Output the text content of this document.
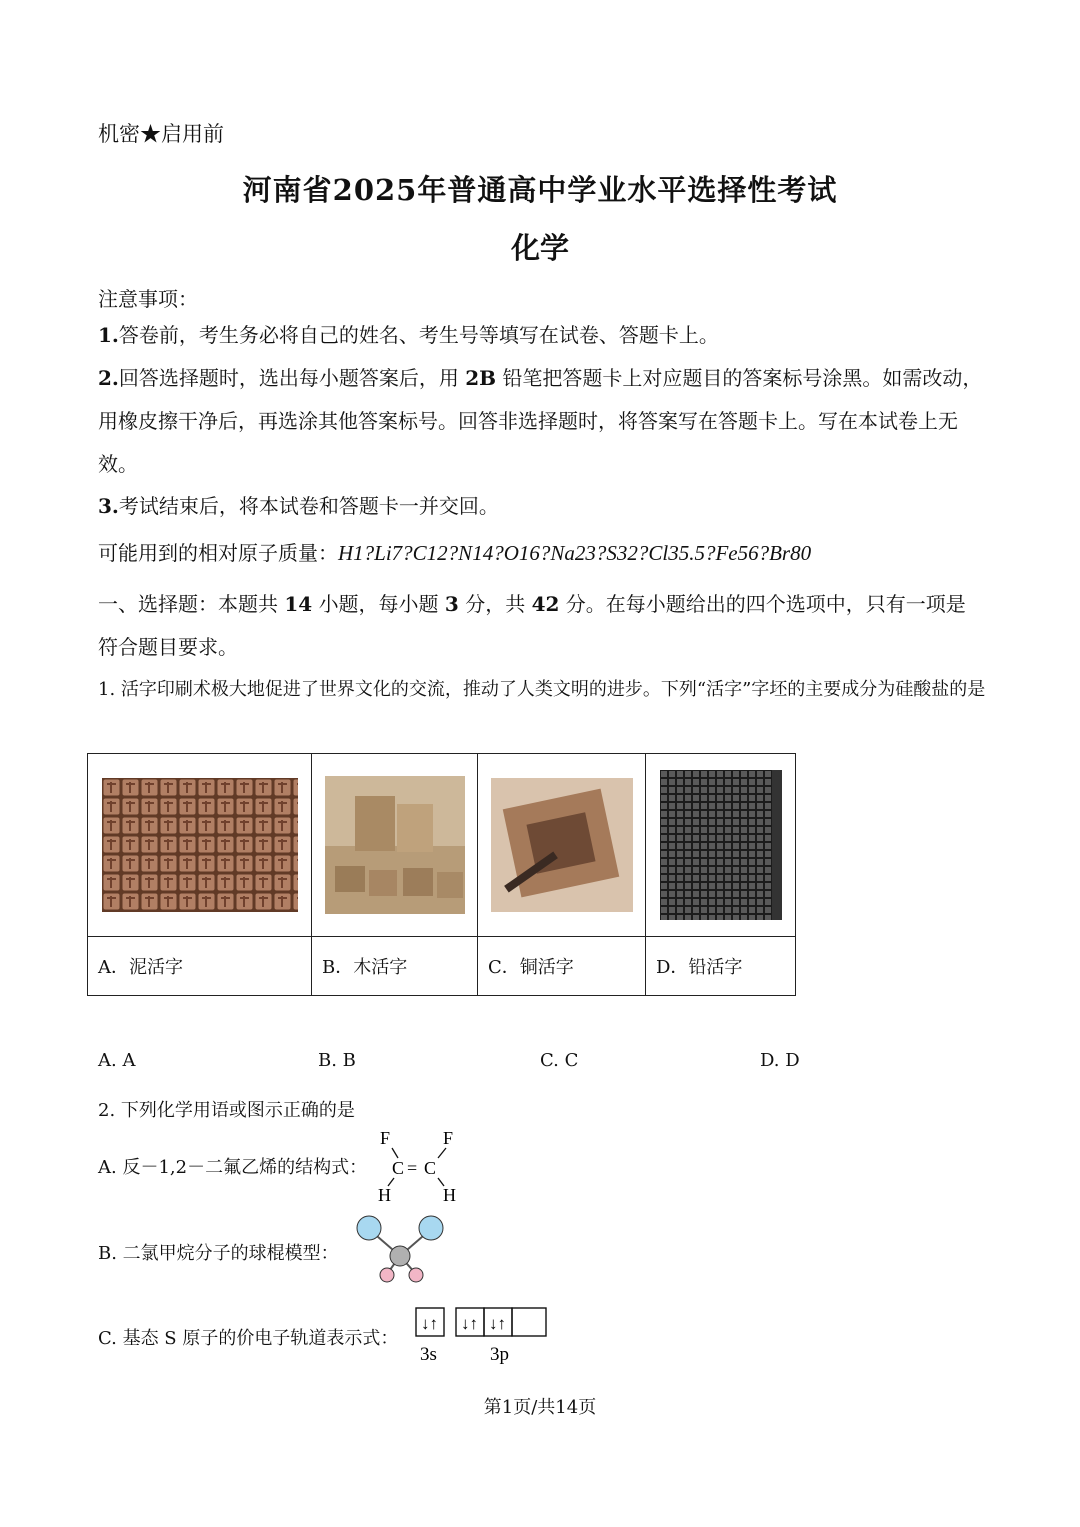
机密★启用前
河南省2025年普通高中学业水平选择性考试
化学
注意事项：
1.答卷前，考生务必将自己的姓名、考生号等填写在试卷、答题卡上。
2.回答选择题时，选出每小题答案后，用 2B 铅笔把答题卡上对应题目的答案标号涂黑。如需改动，用橡皮擦干净后，再选涂其他答案标号。回答非选择题时，将答案写在答题卡上。写在本试卷上无效。
3.考试结束后，将本试卷和答题卡一并交回。
可能用到的相对原子质量：H1?Li7?C12?N14?O16?Na23?S32?Cl35.5?Fe56?Br80
一、选择题：本题共 14 小题，每小题 3 分，共 42 分。在每小题给出的四个选项中，只有一项是符合题目要求。
1. 活字印刷术极大地促进了世界文化的交流，推动了人类文明的进步。下列“活字”字坯的主要成分为硅酸盐的是

A．泥活字	B．木活字	C．铜活字	D．铅活字
A. A	B. B	C. C	D. D
2. 下列化学用语或图示正确的是
A. 反－1,2－二氟乙烯的结构式：
F	F
C C
=
H	H
B. 二氯甲烷分子的球棍模型：
C. 基态 S 原子的价电子轨道表示式：
↓↑ ↓↑ ↓↑
3s	3p
第1页/共14页
